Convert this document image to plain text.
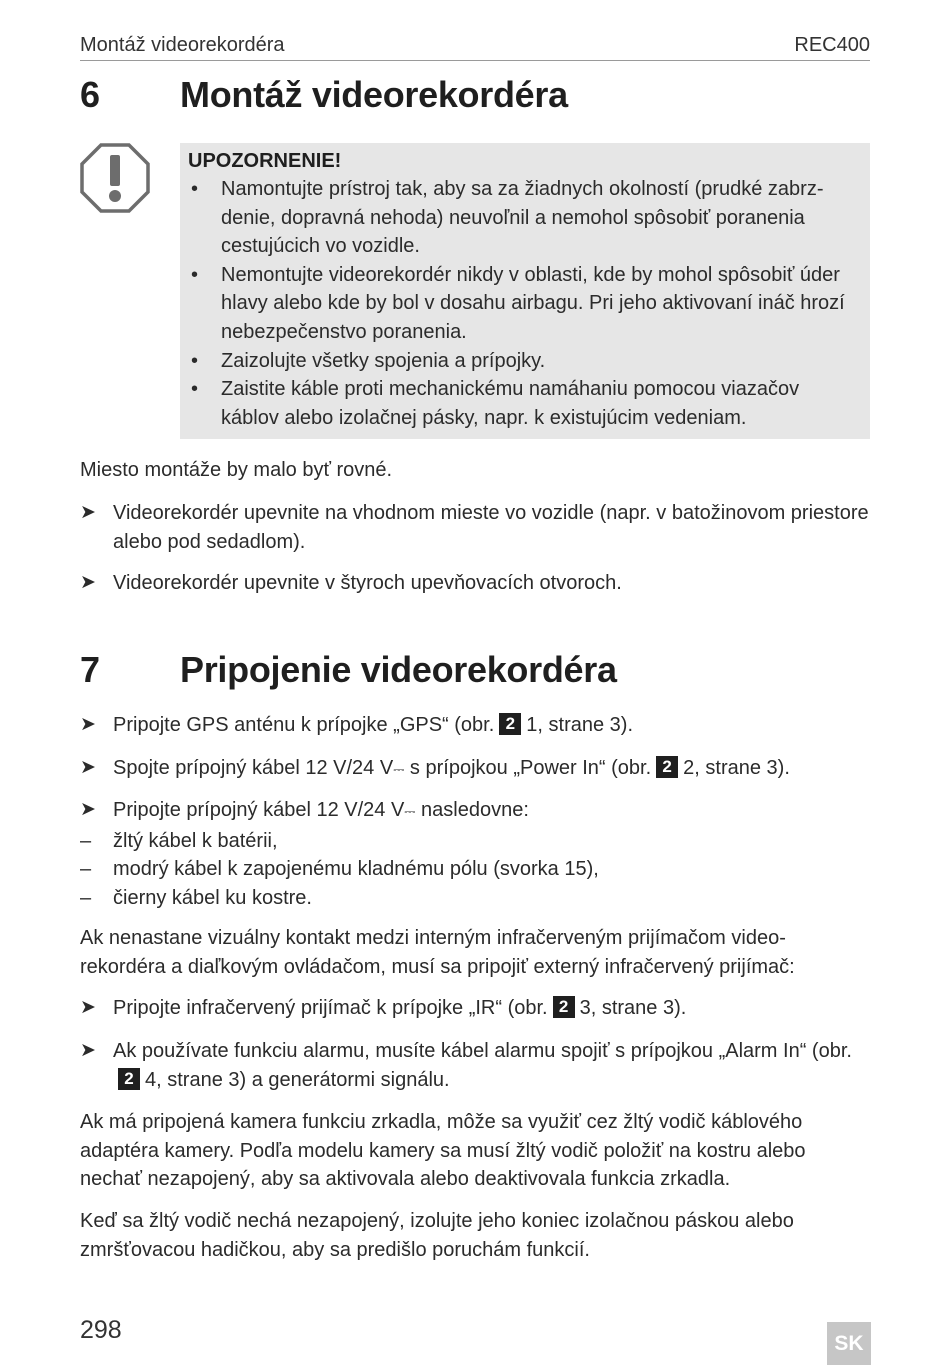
Montáž videorekordéra	REC400
6 Montáž videorekordéra
UPOZORNENIE!
• Namontujte prístroj tak, aby sa za žiadnych okolností (prudké zabrz-denie, dopravná nehoda) neuvoľnil a nemohol spôsobiť poranenia cestujúcich vo vozidle.
• Nemontujte videorekordér nikdy v oblasti, kde by mohol spôsobiť úder hlavy alebo kde by bol v dosahu airbagu. Pri jeho aktivovaní ináč hrozí nebezpečenstvo poranenia.
• Zaizolujte všetky spojenia a prípojky.
• Zaistite káble proti mechanickému namáhaniu pomocou viazačov káblov alebo izolačnej pásky, napr. k existujúcim vedeniam.
Miesto montáže by malo byť rovné.
➤ Videorekordér upevnite na vhodnom mieste vo vozidle (napr. v batožinovom priestore alebo pod sedadlom).
➤ Videorekordér upevnite v štyroch upevňovacích otvoroch.
7 Pripojenie videorekordéra
➤ Pripojte GPS anténu k prípojke „GPS“ (obr. 2 1, strane 3).
➤ Spojte prípojný kábel 12 V/24 V⎓ s prípojkou „Power In“ (obr. 2 2, strane 3).
➤ Pripojte prípojný kábel 12 V/24 V⎓ nasledovne:
– žltý kábel k batérii,
– modrý kábel k zapojenému kladnému pólu (svorka 15),
– čierny kábel ku kostre.
Ak nenastane vizuálny kontakt medzi interným infračerveným prijímačom video-rekordéra a diaľkovým ovládačom, musí sa pripojiť externý infračervený prijímač:
➤ Pripojte infračervený prijímač k prípojke „IR“ (obr. 2 3, strane 3).
➤ Ak používate funkciu alarmu, musíte kábel alarmu spojiť s prípojkou „Alarm In“ (obr.2 4, strane 3) a generátormi signálu.
Ak má pripojená kamera funkciu zrkadla, môže sa využiť cez žltý vodič káblového adaptéra kamery. Podľa modelu kamery sa musí žltý vodič položiť na kostru alebo nechať nezapojený, aby sa aktivovala alebo deaktivovala funkcia zrkadla.
Keď sa žltý vodič nechá nezapojený, izolujte jeho koniec izolačnou páskou alebo zmršťovacou hadičkou, aby sa predišlo poruchám funkcií.
298	SK
